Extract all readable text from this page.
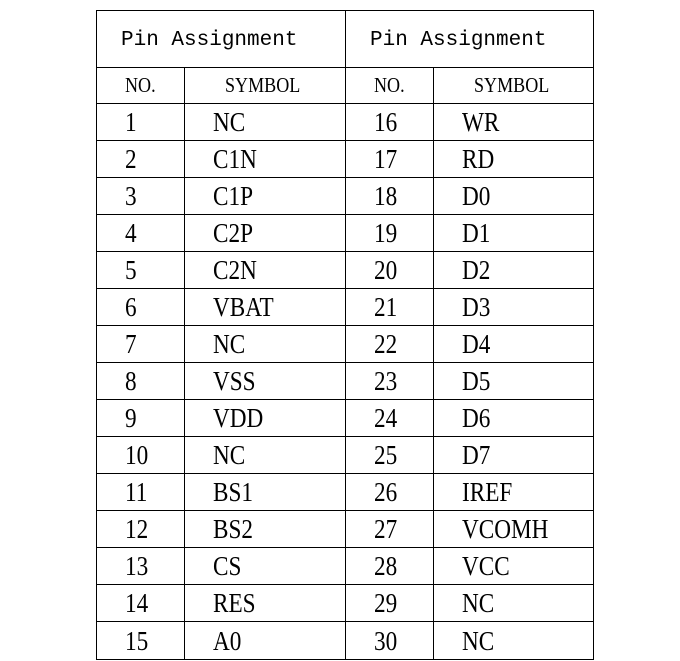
Pin Assignment		Pin Assignment	
NO.	SYMBOL	NO.	SYMBOL
1	NC	16	WR
2	C1N	17	RD
3	C1P	18	D0
4	C2P	19	D1
5	C2N	20	D2
6	VBAT	21	D3
7	NC	22	D4
8	VSS	23	D5
9	VDD	24	D6
10	NC	25	D7
11	BS1	26	IREF
12	BS2	27	VCOMH
13	CS	28	VCC
14	RES	29	NC
15	A0	30	NC
